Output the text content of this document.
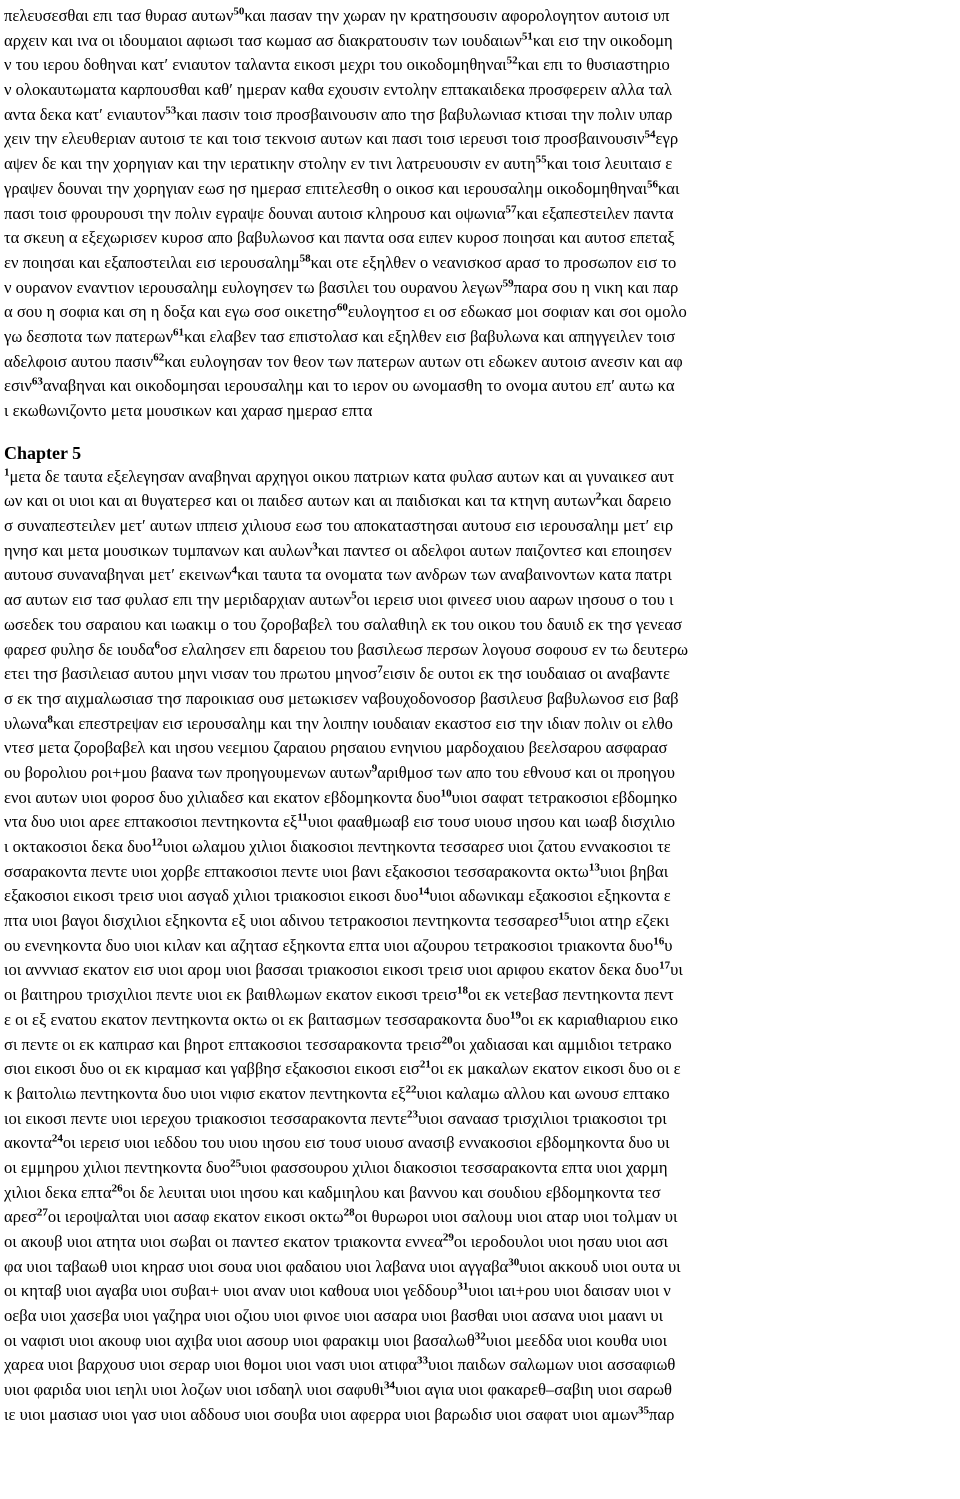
πελευσεσθαι επι τασ θυρασ αυτων$^{50}$και πασαν την χωραν ην κρατησουσιν αφορολογητον αυτοισ υπ
αρχειν και ινα οι ιδουμαιοι αφιωσι τασ κωμασ ασ διακρατουσιν των ιουδαιων$^{51}$και εισ την οικοδομη
ν του ιερου δοθηναι κατʹ ενιαυτον ταλαντα εικοσι μεχρι του οικοδομηθηναι$^{52}$και επι το θυσιαστηριο
ν ολοκαυτωματα καρπουσθαι καθʹ ημεραν καθα εχουσιν εντολην επτακαιδεκα προσφερειν αλλα ταλ
αντα δεκα κατʹ ενιαυτον$^{53}$και πασιν τοισ προσβαινουσιν απο τησ βαβυλωνιασ κτισαι την πολιν υπαρ
χειν την ελευθεριαν αυτοισ τε και τοισ τεκνοισ αυτων και πασι τοισ ιερευσι τοισ προσβαινουσιν$^{54}$εγρ
αψεν δε και την χορηγιαν και την ιερατικην στολην εν τινι λατρευουσιν εν αυτη$^{55}$και τοισ λευιταισ ε
γραψεν δουναι την χορηγιαν εωσ ησ ημερασ επιτελεσθη ο οικοσ και ιερουσαλημ οικοδομηθηναι$^{56}$και
πασι τοισ φρουρουσι την πολιν εγραψε δουναι αυτοισ κληρουσ και οψωνια$^{57}$και εξαπεστειλεν παντα
τα σκευη α εξεχωρισεν κυροσ απο βαβυλωνοσ και παντα οσα ειπεν κυροσ ποιησαι και αυτοσ επεταξ
εν ποιησαι και εξαποστειλαι εισ ιερουσαλημ$^{58}$και οτε εξηλθεν ο νεανισκοσ αρασ το προσωπον εισ το
ν ουρανον εναντιον ιερουσαλημ ευλογησεν τω βασιλει του ουρανου λεγων$^{59}$παρα σου η νικη και παρ
α σου η σοφια και ση η δοξα και εγω σοσ οικετησ$^{60}$ευλογητοσ ει οσ εδωκασ μοι σοφιαν και σοι ομολο
γω δεσποτα των πατερων$^{61}$και ελαβεν τασ επιστολασ και εξηλθεν εισ βαβυλωνα και απηγγειλεν τοισ
αδελφοισ αυτου πασιν$^{62}$και ευλογησαν τον θεον των πατερων αυτων οτι εδωκεν αυτοισ ανεσιν και αφ
εσιν$^{63}$αναβηναι και οικοδομησαι ιερουσαλημ και το ιερον ου ωνομασθη το ονομα αυτου επʹ αυτω κα
ι εκωθωνιζοντο μετα μουσικων και χαρασ ημερασ επτα
Chapter 5
$^1$μετα δε ταυτα εξελεγησαν αναβηναι αρχηγοι οικου πατριων κατα φυλασ αυτων και αι γυναικεσ αυτ
ων και οι υιοι και αι θυγατερεσ και οι παιδεσ αυτων και αι παιδισκαι και τα κτηνη αυτων$^2$και δαρειο
σ συναπεστειλεν μετʹ αυτων ιππεισ χιλιουσ εωσ του αποκαταστησαι αυτουσ εισ ιερουσαλημ μετʹ ειρ
ηνησ και μετα μουσικων τυμπανων και αυλων$^3$και παντεσ οι αδελφοι αυτων παιζοντεσ και εποιησεν
αυτουσ συναναβηναι μετʹ εκεινων$^4$και ταυτα τα ονοματα των ανδρων των αναβαινοντων κατα πατρι
ασ αυτων εισ τασ φυλασ επι την μεριδαρχιαν αυτων$^5$οι ιερεισ υιοι φινεεσ υιου ααρων ιησουσ ο του ι
ωσεδεκ του σαραιου και ιωακιμ ο του ζοροβαβελ του σαλαθιηλ εκ του οικου του δαυιδ εκ τησ γενεασ
φαρεσ φυλησ δε ιουδα$^6$οσ ελαλησεν επι δαρειου του βασιλεωσ περσων λογουσ σοφουσ εν τω δευτερω
ετει τησ βασιλειασ αυτου μηνι νισαν του πρωτου μηνοσ$^7$εισιν δε ουτοι εκ τησ ιουδαιασ οι αναβαντε
σ εκ τησ αιχμαλωσιασ τησ παροικιασ ουσ μετωκισεν ναβουχοδονοσορ βασιλευσ βαβυλωνοσ εισ βαβ
υλωνα$^8$και επεστρεψαν εισ ιερουσαλημ και την λοιπην ιουδαιαν εκαστοσ εισ την ιδιαν πολιν οι ελθο
ντεσ μετα ζοροβαβελ και ιησου νεεμιου ζαραιου ρησαιου ενηνιου μαρδοχαιου βεελσαρου ασφαρασ
ου βορολιου ροι+μου βαανα των προηγουμενων αυτων$^9$αριθμοσ των απο του εθνουσ και οι προηγου
ενοι αυτων υιοι φοροσ δυο χιλιαδεσ και εκατον εβδομηκοντα δυο$^{10}$υιοι σαφατ τετρακοσιοι εβδομηκο
ντα δυο υιοι αρεε επτακοσιοι πεντηκοντα $\varepsilon\xi^{11}\upsilon\iota o\iota$ φααθμωαβ εισ τουσ υιουσ ιησου και ιωαβ δισχιλιο
ι οκτακοσιοι δεκα δυο$^{12}$υιοι ωλαμου χιλιοι διακοσιοι πεντηκοντα τεσσαρεσ υιοι ζατου εννακοσιοι τε
σσαρακοντα πεντε υιοι χορβε επτακοσιοι πεντε υιοι βανι εξακοσιοι τεσσαρακοντα οκτω$^{13}$υιοι βηβαι
εξακοσιοι εικοσι τρεισ υιοι ασγαδ χιλιοι τριακοσιοι εικοσι δυο$^{14}$υιοι αδωνικαμ εξακοσιοι εξηκοντα ε
πτα υιοι βαγοι δισχιλιοι εξηκοντα εξ υιοι αδινου τετρακοσιοι πεντηκοντα τεσσαρεσ$^{15}$υιοι ατηρ εζεκι
ου ενενηκοντα δυο υιοι κιλαν και αζητασ εξηκοντα επτα υιοι αζουρου τετρακοσιοι τριακοντα δυο$^{16}$υ
ιοι ανννιασ εκατον εισ υιοι αρομ υιοι βασσαι τριακοσιοι εικοσι τρεισ υιοι αριφου εκατον δεκα δυο$^{17}$υι
οι βαιτηρου τρισχιλιοι πεντε υιοι εκ βαιθλωμων εκατον εικοσι τρεισ$^{18}$οι εκ νετεβασ πεντηκοντα πεντ
ε οι εξ ενατου εκατον πεντηκοντα οκτω οι εκ βαιτασμων τεσσαρακοντα δυο$^{19}$οι εκ καριαθιαριου εικο
σι πεντε οι εκ καπιρασ και βηροτ επτακοσιοι τεσσαρακοντα τρεισ$^{20}$οι χαδιασαι και αμμιδιοι τετρακο
σιοι εικοσι δυο οι εκ κιραμασ και γαββησ εξακοσιοι εικοσι εισ$^{21}$οι εκ μακαλων εκατον εικοσι δυο οι ε
κ βαιτολιω πεντηκοντα δυο υιοι νιφισ εκατον πεντηκοντα $\varepsilon\xi^{22}\upsilon\iota o\iota$ καλαμω αλλου και ωνουσ επτακο
ιοι εικοσι πεντε υιοι ιερεχου τριακοσιοι τεσσαρακοντα πεντε$^{23}$υιοι σαναασ τρισχιλιοι τριακοσιοι τρι
ακοντα$^{24}$οι ιερεισ υιοι ιεδδου του υιου ιησου εισ τουσ υιουσ ανασιβ εννακοσιοι εβδομηκοντα δυο υι
οι εμμηρου χιλιοι πεντηκοντα δυο$^{25}$υιοι φασσουρου χιλιοι διακοσιοι τεσσαρακοντα επτα υιοι χαρμη
χιλιοι δεκα επτα$^{26}$οι δε λευιται υιοι ιησου και καδμιηλου και βαννου και σουδιου εβδομηκοντα τεσ
αρεσ$^{27}$οι ιεροψαλται υιοι ασαφ εκατον εικοσι οκτω$^{28}$οι θυρωροι υιοι σαλουμ υιοι αταρ υιοι τολμαν υι
οι ακουβ υιοι ατητα υιοι σωβαι οι παντεσ εκατον τριακοντα εννεα$^{29}$οι ιεροδουλοι υιοι ησαυ υιοι ασι
φα υιοι ταβαωθ υιοι κηρασ υιοι σουα υιοι φαδαιου υιοι λαβανα υιοι αγγαβα$^{30}$υιοι ακκουδ υιοι ουτα υι
οι κηταβ υιοι αγαβα υιοι συβαι+ υιοι αναν υιοι καθουα υιοι γεδδουρ$^{31}$υιοι ιαι+ρου υιοι δαισαν υιοι ν
οεβα υιοι χασεβα υιοι γαζηρα υιοι οζιου υιοι φινοε υιοι ασαρα υιοι βασθαι υιοι ασανα υιοι μαανι υι
οι ναφισι υιοι ακουφ υιοι αχιβα υιοι ασουρ υιοι φαρακιμ υιοι βασαλωθ$^{32}$υιοι μεεδδα υιοι κουθα υιοι
χαρεα υιοι βαρχουσ υιοι σεραρ υιοι θομοι υιοι νασι υιοι ατιφα$^{33}$υιοι παιδων σαλωμων υιοι ασσαφιωθ
υιοι φαριδα υιοι ιεηλι υιοι λοζων υιοι ισδαηλ υιοι σαφυθι$^{34}$υιοι αγια υιοι φακαρεθ–σαβιη υιοι σαρωθ
ιε υιοι μασιασ υιοι γασ υιοι αδδουσ υιοι σουβα υιοι αφερρα υιοι βαρωδισ υιοι σαφατ υιοι αμων$^{35}$παρ
